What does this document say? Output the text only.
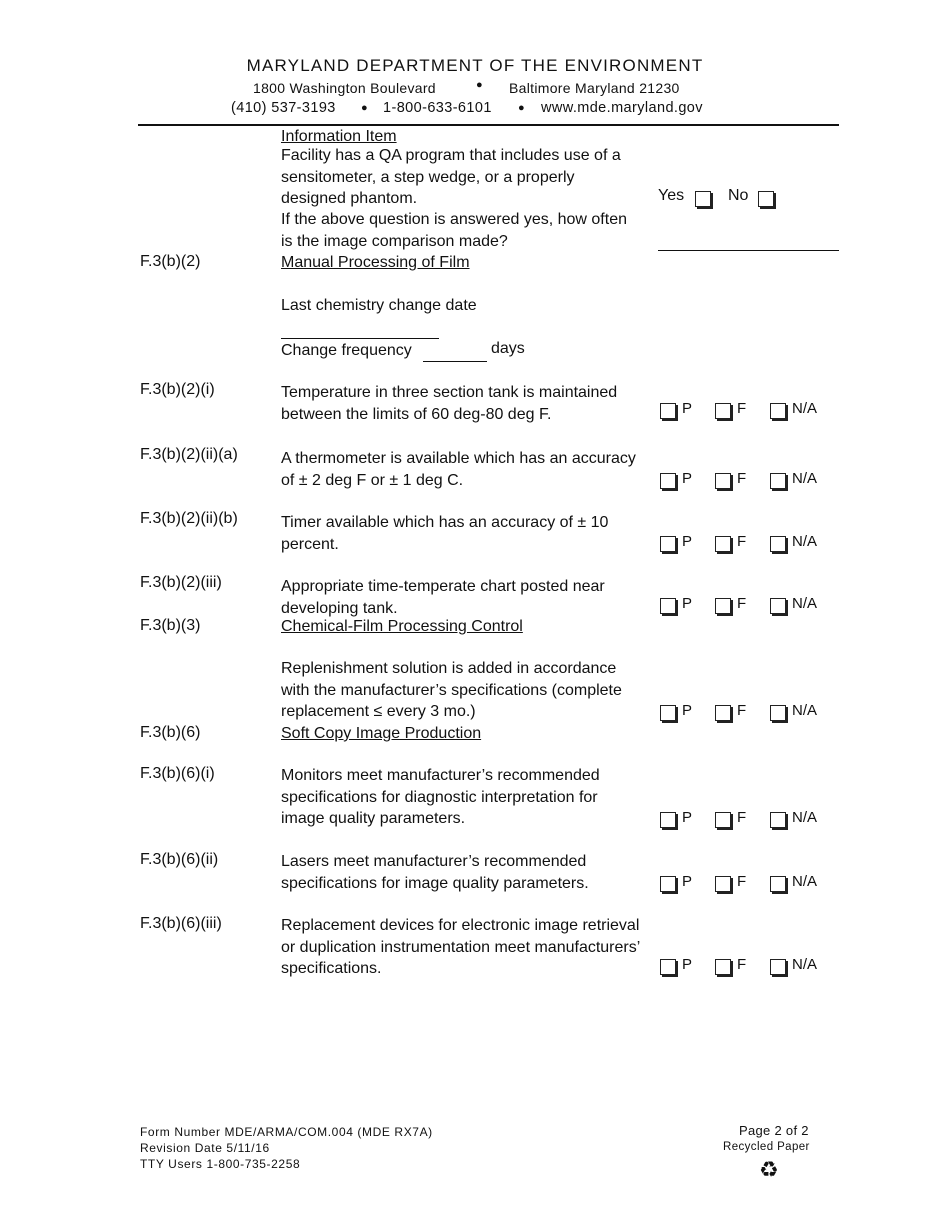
MARYLAND DEPARTMENT OF THE ENVIRONMENT
1800 Washington Boulevard	● Baltimore Maryland 21230
(410) 537-3193 ● 1-800-633-6101 ● www.mde.maryland.gov
Information Item
Facility has a QA program that includes use of a sensitometer, a step wedge, or a properly designed phantom.
If the above question is answered yes, how often is the image comparison made?
Yes	No
F.3(b)(2)	Manual Processing of Film
Last chemistry change date
Change frequency	days
F.3(b)(2)(i)	Temperature in three section tank is maintained between the limits of 60 deg-80 deg F.	P	F	N/A
F.3(b)(2)(ii)(a)	A thermometer is available which has an accuracy of ± 2 deg F or ± 1 deg C.	P	F	N/A
F.3(b)(2)(ii)(b)	Timer available which has an accuracy of ± 10 percent.	P	F	N/A
F.3(b)(2)(iii)	Appropriate time-temperate chart posted near developing tank.	P	F	N/A
F.3(b)(3)	Chemical-Film Processing Control
Replenishment solution is added in accordance with the manufacturer’s specifications (complete replacement ≤ every 3 mo.)	P	F	N/A
F.3(b)(6)	Soft Copy Image Production
F.3(b)(6)(i)	Monitors meet manufacturer’s recommended specifications for diagnostic interpretation for image quality parameters.	P	F	N/A
F.3(b)(6)(ii)	Lasers meet manufacturer’s recommended specifications for image quality parameters.	P	F	N/A
F.3(b)(6)(iii)	Replacement devices for electronic image retrieval or duplication instrumentation meet manufacturers’ specifications.	P	F	N/A
Form Number MDE/ARMA/COM.004 (MDE RX7A)
Revision Date 5/11/16
TTY Users 1-800-735-2258
Page 2 of 2
Recycled Paper
♻
